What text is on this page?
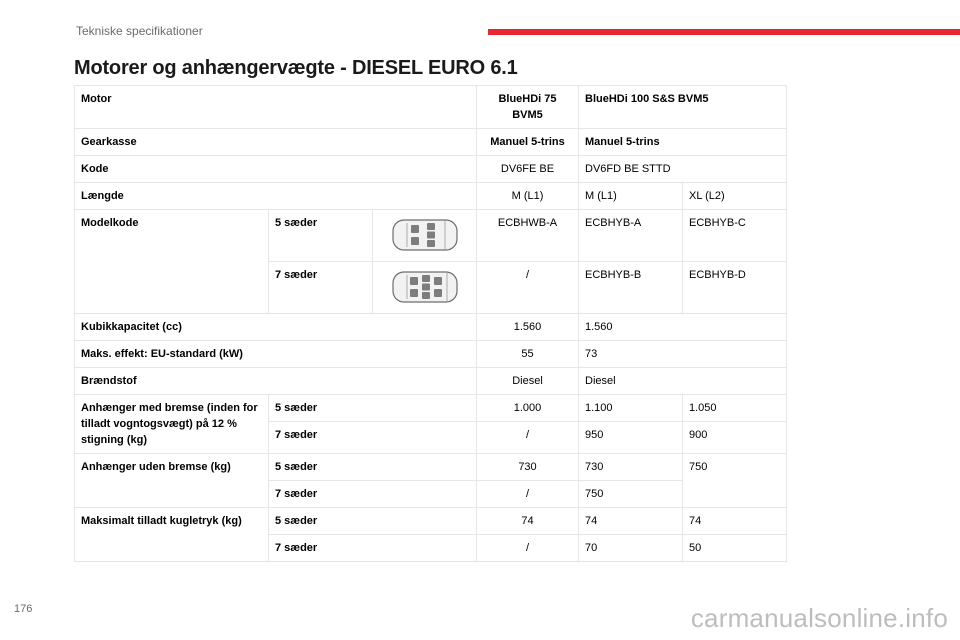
Tekniske specifikationer
Motorer og anhængervægte - DIESEL EURO 6.1
Motor			BlueHDi 75 BVM5	BlueHDi 100 S&S BVM5	
Gearkasse			Manuel 5-trins	Manuel 5-trins	
Kode			DV6FE BE	DV6FD BE STTD	
Længde			M (L1)	M (L1)	XL (L2)
Modelkode	5 sæder		ECBHWB-A	ECBHYB-A	ECBHYB-C
	7 sæder		/	ECBHYB-B	ECBHYB-D
Kubikkapacitet (cc)			1.560	1.560	
Maks. effekt: EU-standard (kW)			55	73	
Brændstof			Diesel	Diesel	
Anhænger med bremse (inden for tilladt vogntogsvægt) på 12 % stigning (kg)	5 sæder		1.000	1.100	1.050
	7 sæder		/	950	900
Anhænger uden bremse (kg)	5 sæder		730	730	750
	7 sæder		/	750	
Maksimalt tilladt kugletryk (kg)	5 sæder		74	74	74
	7 sæder		/	70	50
176	carmanualsonline.info
